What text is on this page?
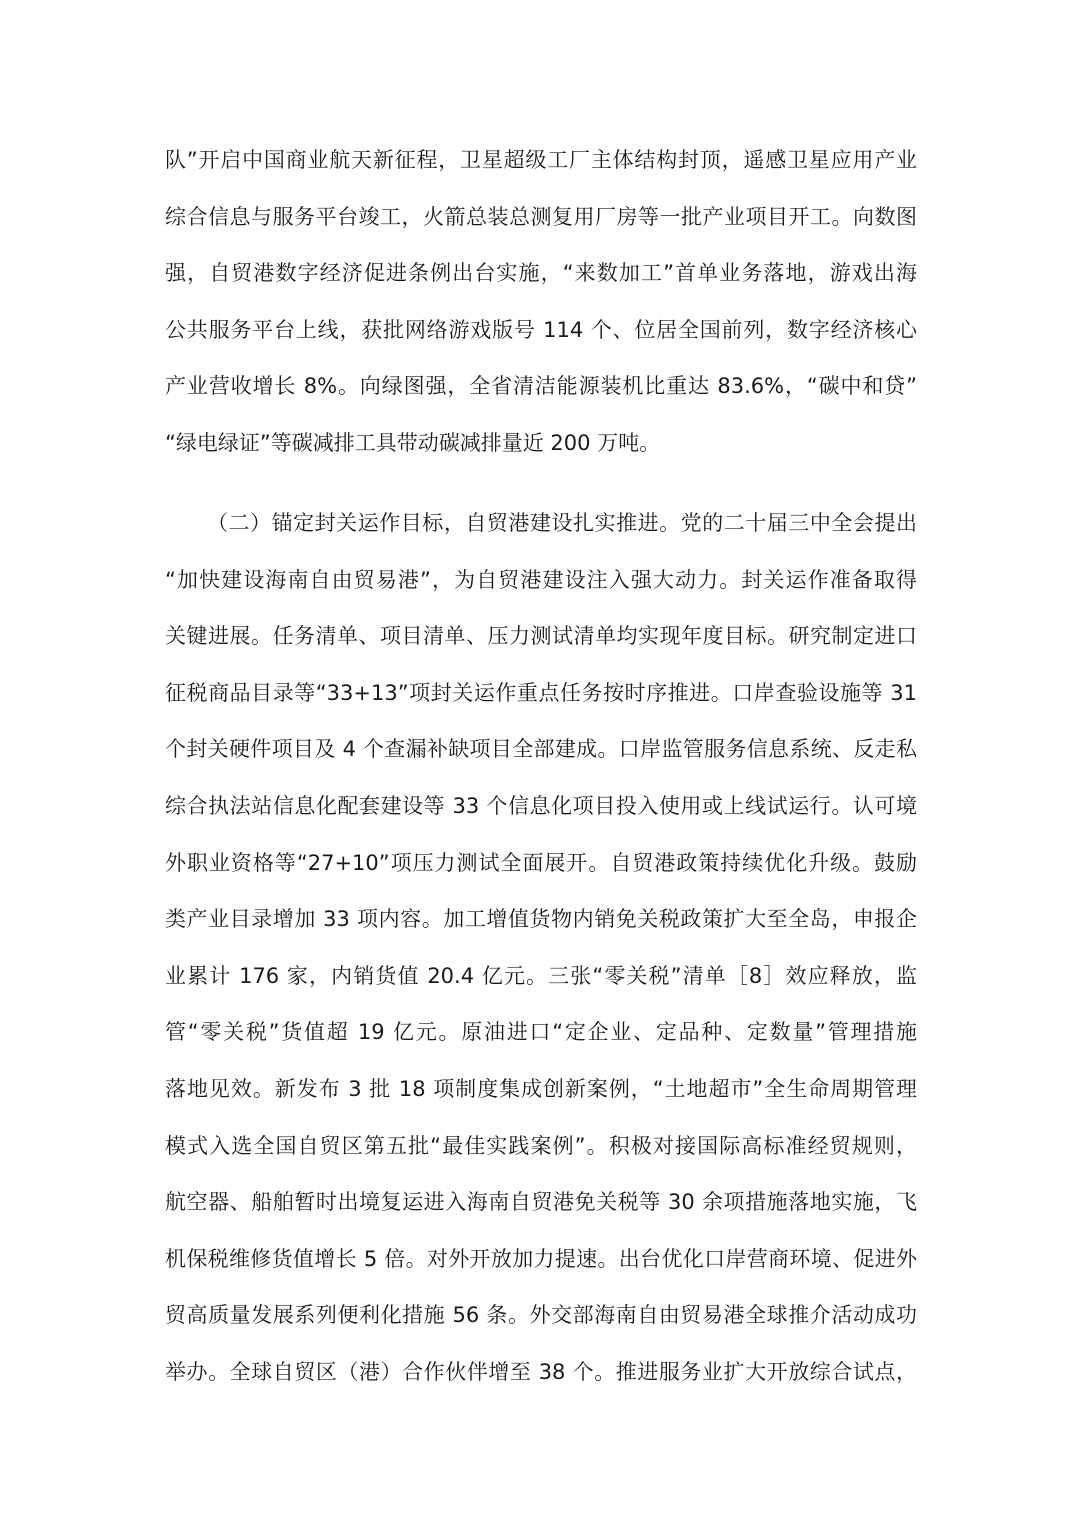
队”开启中国商业航天新征程，卫星超级工厂主体结构封顶，遥感卫星应用产业
综合信息与服务平台竣工，火箭总装总测复用厂房等一批产业项目开工。向数图
强，自贸港数字经济促进条例出台实施，“来数加工”首单业务落地，游戏出海
公共服务平台上线，获批网络游戏版号 114 个、位居全国前列，数字经济核心
产业营收增长 8%。向绿图强，全省清洁能源装机比重达 83.6%，“碳中和贷”
“绿电绿证”等碳减排工具带动碳减排量近 200 万吨。
（二）锚定封关运作目标，自贸港建设扎实推进。党的二十届三中全会提出
“加快建设海南自由贸易港”，为自贸港建设注入强大动力。封关运作准备取得
关键进展。任务清单、项目清单、压力测试清单均实现年度目标。研究制定进口
征税商品目录等“33+13”项封关运作重点任务按时序推进。口岸查验设施等 31
个封关硬件项目及 4 个查漏补缺项目全部建成。口岸监管服务信息系统、反走私
综合执法站信息化配套建设等 33 个信息化项目投入使用或上线试运行。认可境
外职业资格等“27+10”项压力测试全面展开。自贸港政策持续优化升级。鼓励
类产业目录增加 33 项内容。加工增值货物内销免关税政策扩大至全岛，申报企
业累计 176 家，内销货值 20.4 亿元。三张“零关税”清单［8］效应释放，监
管“零关税”货值超 19 亿元。原油进口“定企业、定品种、定数量”管理措施
落地见效。新发布 3 批 18 项制度集成创新案例，“土地超市”全生命周期管理
模式入选全国自贸区第五批“最佳实践案例”。积极对接国际高标准经贸规则，
航空器、船舶暂时出境复运进入海南自贸港免关税等 30 余项措施落地实施，飞
机保税维修货值增长 5 倍。对外开放加力提速。出台优化口岸营商环境、促进外
贸高质量发展系列便利化措施 56 条。外交部海南自由贸易港全球推介活动成功
举办。全球自贸区（港）合作伙伴增至 38 个。推进服务业扩大开放综合试点，
